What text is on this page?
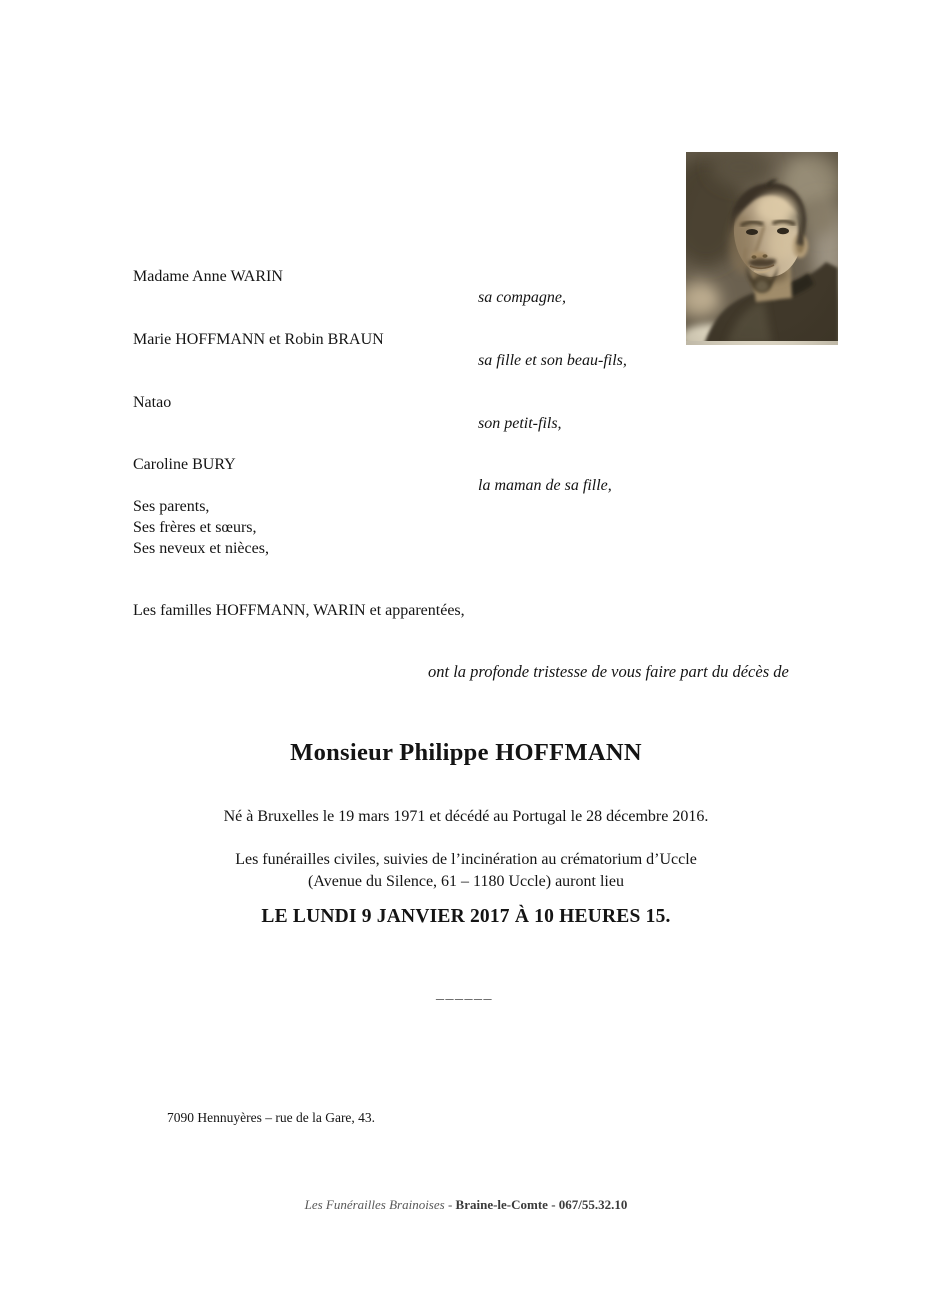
Madame Anne WARIN
sa compagne,
Marie HOFFMANN et Robin BRAUN
sa fille et son beau-fils,
Natao
son petit-fils,
Caroline BURY
la maman de sa fille,
Ses parents,
Ses frères et sœurs,
Ses neveux et nièces,
Les familles HOFFMANN, WARIN et apparentées,
ont la profonde tristesse de vous faire part du décès de
Monsieur Philippe HOFFMANN
Né à Bruxelles le 19 mars 1971 et décédé au Portugal le 28 décembre 2016.
Les funérailles civiles, suivies de l’incinération au crématorium d’Uccle
(Avenue du Silence, 61 – 1180 Uccle) auront lieu
LE LUNDI 9 JANVIER 2017 À 10 HEURES 15.
______
7090 Hennuyères – rue de la Gare, 43.
Les Funérailles Brainoises - Braine-le-Comte - 067/55.32.10
